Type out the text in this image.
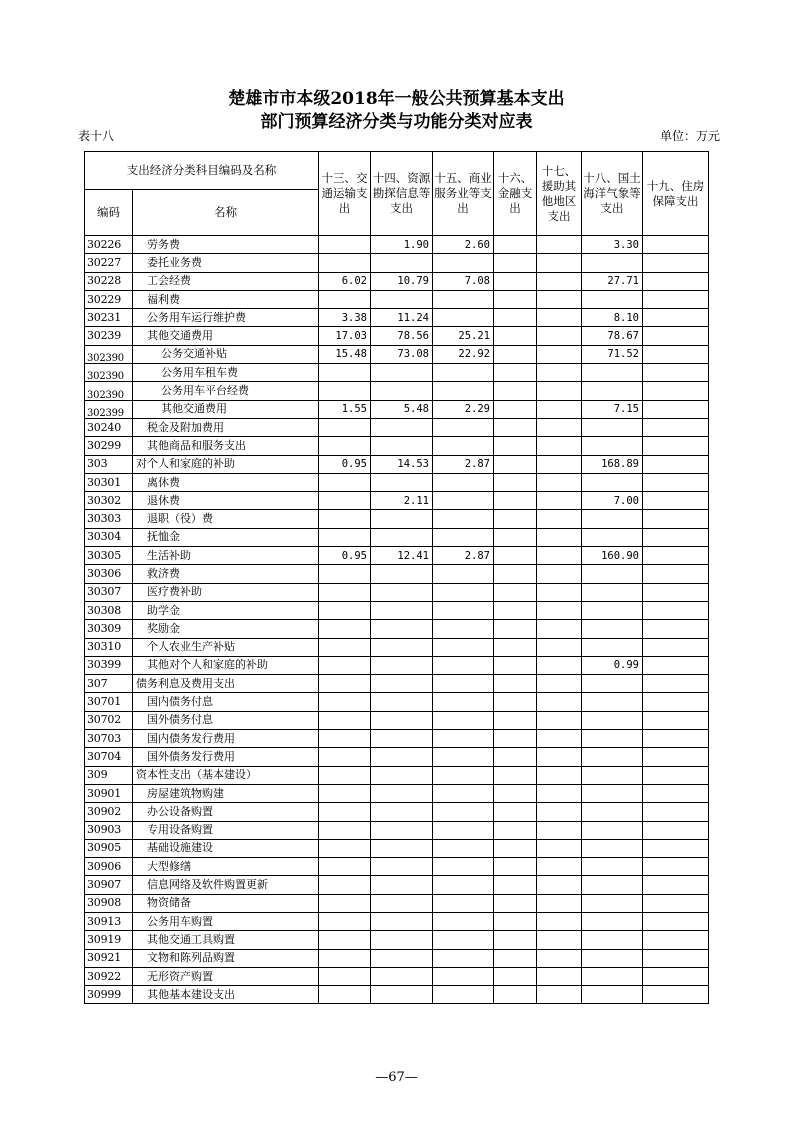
楚雄市市本级2018年一般公共预算基本支出
部门预算经济分类与功能分类对应表
表十八	单位：万元
支出经济分类科目编码及名称		十三、交通运输支出	十四、资源勘探信息等支出	十五、商业服务业等支出	十六、金融支出	十七、援助其他地区支出	十八、国土海洋气象等支出	十九、住房保障支出
编码	名称							
30226	劳务费		1.90	2.60			3.30	
30227	委托业务费							
30228	工会经费	6.02	10.79	7.08			27.71	
30229	福利费							
30231	公务用车运行维护费	3.38	11.24				8.10	
30239	其他交通费用	17.03	78.56	25.21			78.67	
302390	公务交通补贴	15.48	73.08	22.92			71.52	
302390	公务用车租车费							
302390	公务用车平台经费							
302399	其他交通费用	1.55	5.48	2.29			7.15	
30240	税金及附加费用							
30299	其他商品和服务支出							
303	对个人和家庭的补助	0.95	14.53	2.87			168.89	
30301	离休费							
30302	退休费		2.11				7.00	
30303	退职（役）费							
30304	抚恤金							
30305	生活补助	0.95	12.41	2.87			160.90	
30306	救济费							
30307	医疗费补助							
30308	助学金							
30309	奖励金							
30310	个人农业生产补贴							
30399	其他对个人和家庭的补助						0.99	
307	债务利息及费用支出							
30701	国内债务付息							
30702	国外债务付息							
30703	国内债务发行费用							
30704	国外债务发行费用							
309	资本性支出（基本建设）							
30901	房屋建筑物购建							
30902	办公设备购置							
30903	专用设备购置							
30905	基础设施建设							
30906	大型修缮							
30907	信息网络及软件购置更新							
30908	物资储备							
30913	公务用车购置							
30919	其他交通工具购置							
30921	文物和陈列品购置							
30922	无形资产购置							
30999	其他基本建设支出							
—67—
